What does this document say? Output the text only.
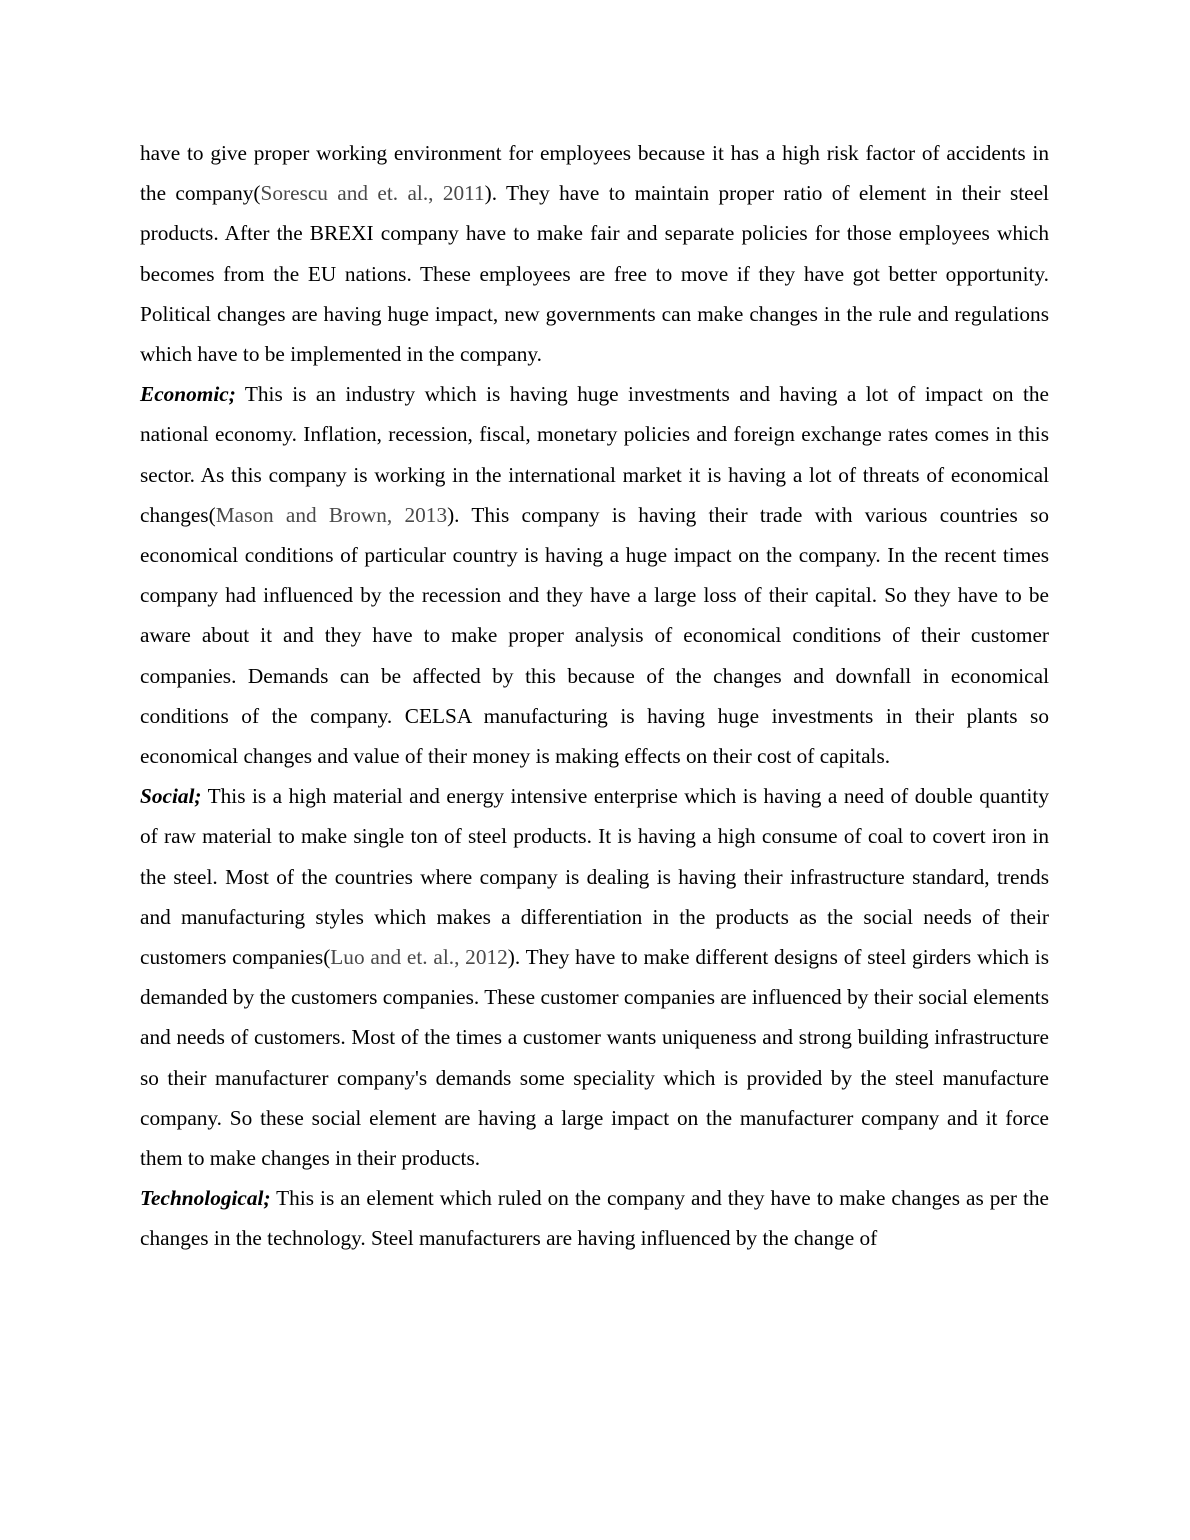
have to give proper working environment for employees because it has a high risk factor of accidents in the company(Sorescu and et. al., 2011). They have to maintain proper ratio of element in their steel products. After the BREXI company have to make fair and separate policies for those employees which becomes from the EU nations. These employees are free to move if they have got better opportunity. Political changes are having huge impact, new governments can make changes in the rule and regulations which have to be implemented in the company.

Economic; This is an industry which is having huge investments and having a lot of impact on the national economy. Inflation, recession, fiscal, monetary policies and foreign exchange rates comes in this sector. As this company is working in the international market it is having a lot of threats of economical changes(Mason and Brown, 2013). This company is having their trade with various countries so economical conditions of particular country is having a huge impact on the company. In the recent times company had influenced by the recession and they have a large loss of their capital. So they have to be aware about it and they have to make proper analysis of economical conditions of their customer companies. Demands can be affected by this because of the changes and downfall in economical conditions of the company. CELSA manufacturing is having huge investments in their plants so economical changes and value of their money is making effects on their cost of capitals.

Social; This is a high material and energy intensive enterprise which is having a need of double quantity of raw material to make single ton of steel products. It is having a high consume of coal to covert iron in the steel. Most of the countries where company is dealing is having their infrastructure standard, trends and manufacturing styles which makes a differentiation in the products as the social needs of their customers companies(Luo and et. al., 2012). They have to make different designs of steel girders which is demanded by the customers companies. These customer companies are influenced by their social elements and needs of customers. Most of the times a customer wants uniqueness and strong building infrastructure so their manufacturer company's demands some speciality which is provided by the steel manufacture company. So these social element are having a large impact on the manufacturer company and it force them to make changes in their products.

Technological; This is an element which ruled on the company and they have to make changes as per the changes in the technology. Steel manufacturers are having influenced by the change of
